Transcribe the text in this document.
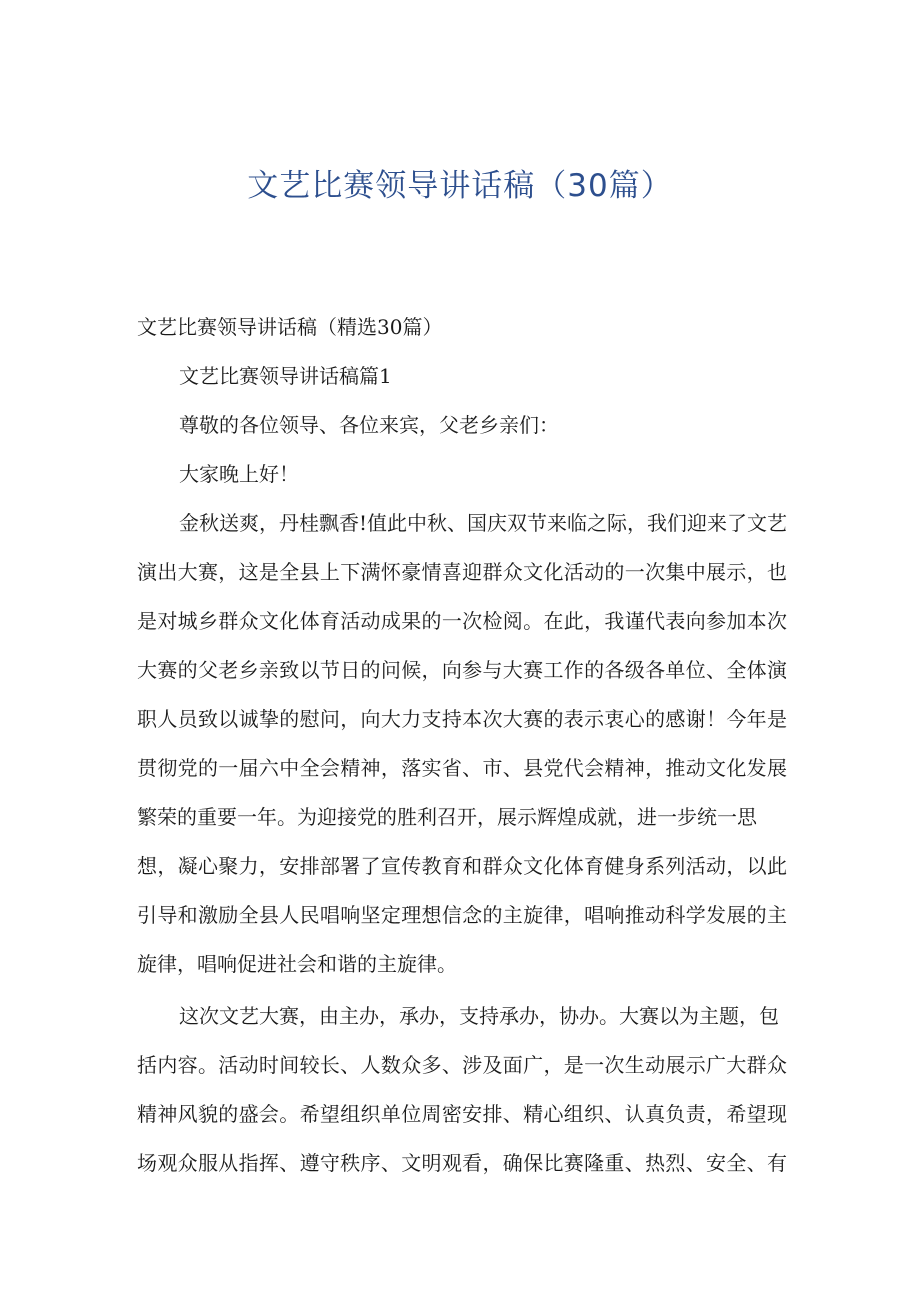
文艺比赛领导讲话稿（30篇）
文艺比赛领导讲话稿（精选30篇）
文艺比赛领导讲话稿篇1
尊敬的各位领导、各位来宾，父老乡亲们：
大家晚上好！
金秋送爽，丹桂飘香!值此中秋、国庆双节来临之际，我们迎来了文艺
演出大赛，这是全县上下满怀豪情喜迎群众文化活动的一次集中展示，也
是对城乡群众文化体育活动成果的一次检阅。在此，我谨代表向参加本次
大赛的父老乡亲致以节日的问候，向参与大赛工作的各级各单位、全体演
职人员致以诚挚的慰问，向大力支持本次大赛的表示衷心的感谢！今年是
贯彻党的一届六中全会精神，落实省、市、县党代会精神，推动文化发展
繁荣的重要一年。为迎接党的胜利召开，展示辉煌成就，进一步统一思
想，凝心聚力，安排部署了宣传教育和群众文化体育健身系列活动，以此
引导和激励全县人民唱响坚定理想信念的主旋律，唱响推动科学发展的主
旋律，唱响促进社会和谐的主旋律。
这次文艺大赛，由主办，承办，支持承办，协办。大赛以为主题，包
括内容。活动时间较长、人数众多、涉及面广，是一次生动展示广大群众
精神风貌的盛会。希望组织单位周密安排、精心组织、认真负责，希望现
场观众服从指挥、遵守秩序、文明观看，确保比赛隆重、热烈、安全、有
